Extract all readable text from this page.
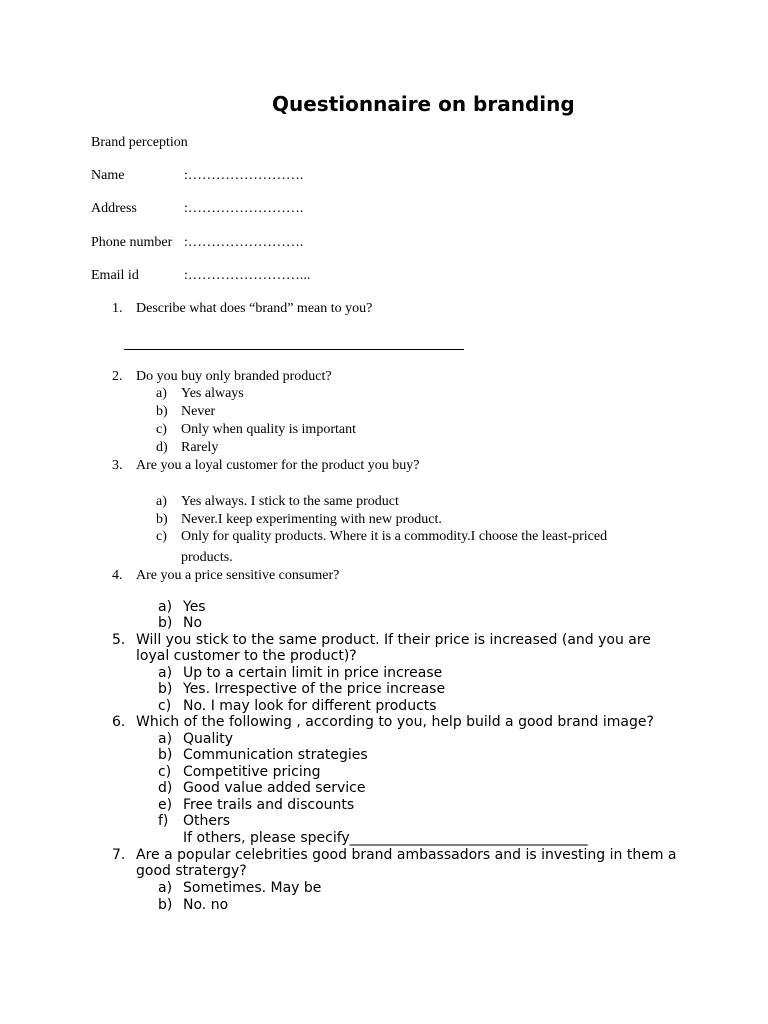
Questionnaire on branding
Brand perception
Name	:…………………….
Address	:…………………….
Phone number :…………………….
Email id	:……………………...
1. Describe what does “brand” mean to you?
2. Do you buy only branded product?
a) Yes always
b) Never
c) Only when quality is important
d) Rarely
3. Are you a loyal customer for the product you buy?
a) Yes always. I stick to the same product
b) Never.I keep experimenting with new product.
c) Only for quality products. Where it is a commodity.I choose the least-priced
products.
4. Are you a price sensitive consumer?
a) Yes
b) No
5. Will you stick to the same product. If their price is increased (and you are
loyal customer to the product)?
a) Up to a certain limit in price increase
b) Yes. Irrespective of the price increase
c) No. I may look for different products
6. Which of the following , according to you, help build a good brand image?
a) Quality
b) Communication strategies
c) Competitive pricing
d) Good value added service
e) Free trails and discounts
f) Others
If others, please specify__________________________________
7. Are a popular celebrities good brand ambassadors and is investing in them a
good stratergy?
a) Sometimes. May be
b) No. no
